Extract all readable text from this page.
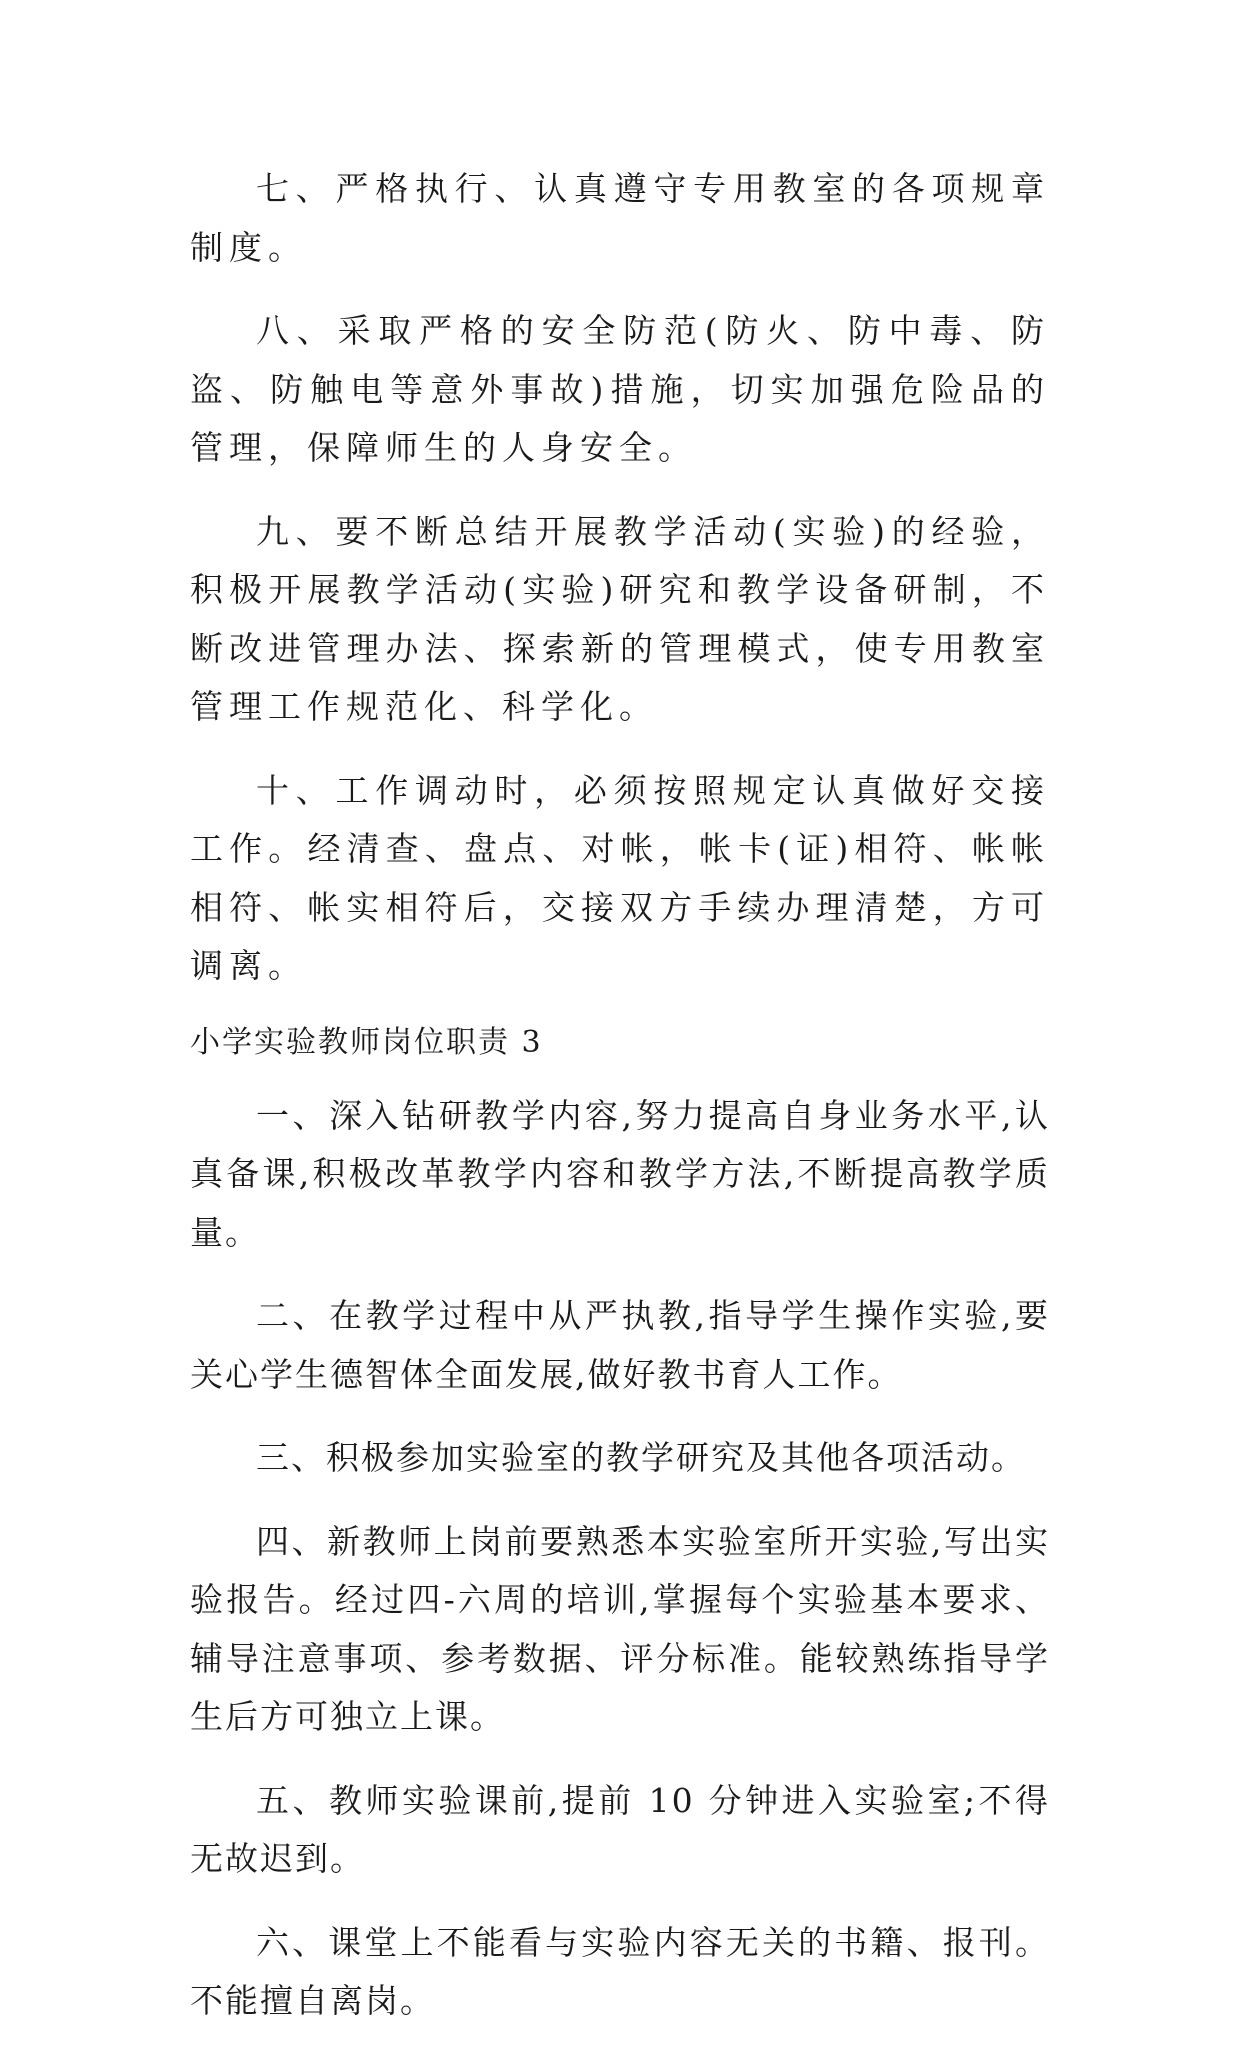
七、严格执行、认真遵守专用教室的各项规章制度。

八、采取严格的安全防范(防火、防中毒、防盗、防触电等意外事故)措施，切实加强危险品的管理，保障师生的人身安全。

九、要不断总结开展教学活动(实验)的经验，积极开展教学活动(实验)研究和教学设备研制，不断改进管理办法、探索新的管理模式，使专用教室管理工作规范化、科学化。

十、工作调动时，必须按照规定认真做好交接工作。经清查、盘点、对帐，帐卡(证)相符、帐帐相符、帐实相符后，交接双方手续办理清楚，方可调离。

小学实验教师岗位职责 3

一、深入钻研教学内容,努力提高自身业务水平,认真备课,积极改革教学内容和教学方法,不断提高教学质量。

二、在教学过程中从严执教,指导学生操作实验,要关心学生德智体全面发展,做好教书育人工作。

三、积极参加实验室的教学研究及其他各项活动。

四、新教师上岗前要熟悉本实验室所开实验,写出实验报告。经过四-六周的培训,掌握每个实验基本要求、辅导注意事项、参考数据、评分标准。能较熟练指导学生后方可独立上课。

五、教师实验课前,提前 10 分钟进入实验室;不得无故迟到。

六、课堂上不能看与实验内容无关的书籍、报刊。不能擅自离岗。
